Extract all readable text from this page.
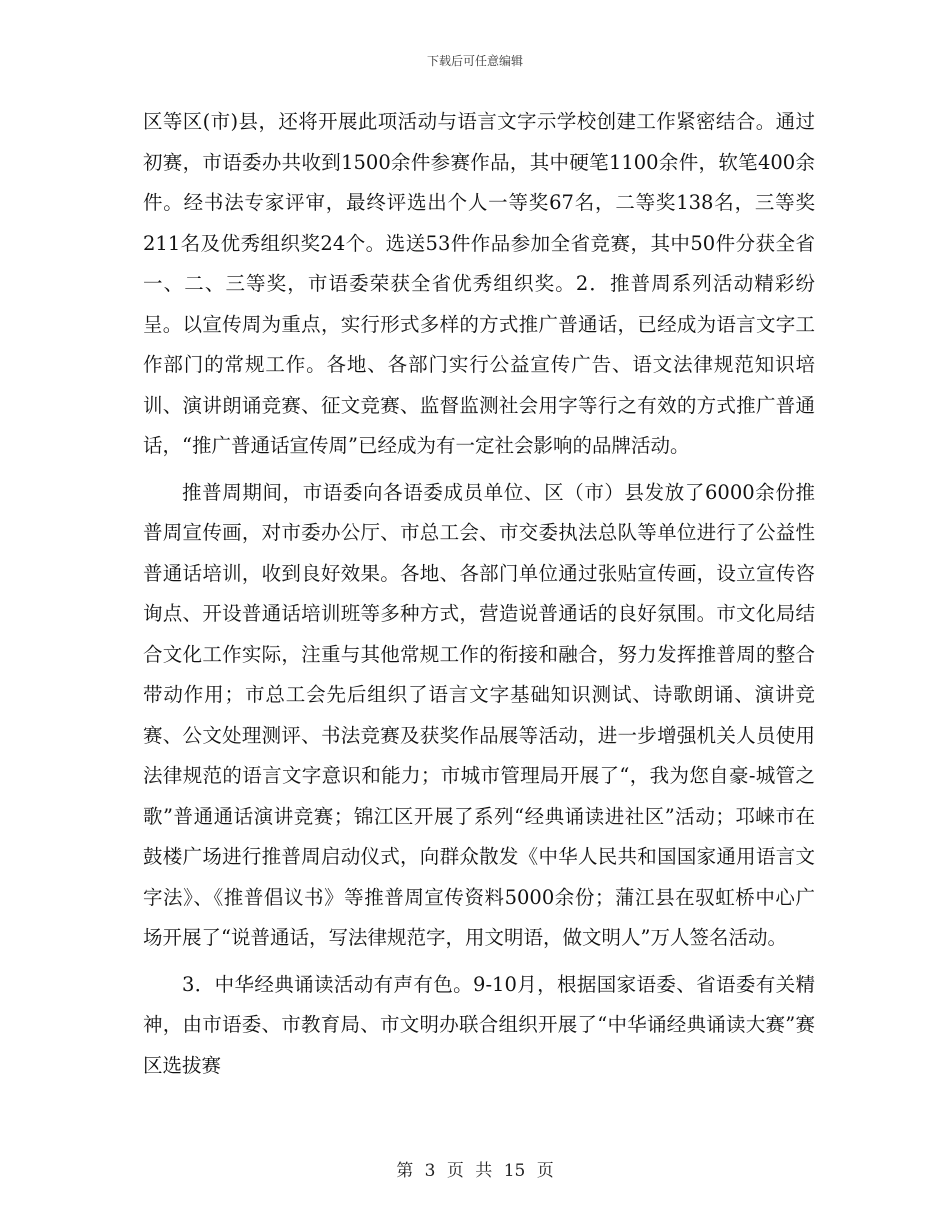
下载后可任意编辑

区等区(市)县，还将开展此项活动与语言文字示学校创建工作紧密结合。通过初赛，市语委办共收到1500余件参赛作品，其中硬笔1100余件，软笔400余件。经书法专家评审，最终评选出个人一等奖67名，二等奖138名，三等奖211名及优秀组织奖24个。选送53件作品参加全省竞赛，其中50件分获全省一、二、三等奖，市语委荣获全省优秀组织奖。2．推普周系列活动精彩纷呈。以宣传周为重点，实行形式多样的方式推广普通话，已经成为语言文字工作部门的常规工作。各地、各部门实行公益宣传广告、语文法律规范知识培训、演讲朗诵竞赛、征文竞赛、监督监测社会用字等行之有效的方式推广普通话，“推广普通话宣传周”已经成为有一定社会影响的品牌活动。

推普周期间，市语委向各语委成员单位、区（市）县发放了6000余份推普周宣传画，对市委办公厅、市总工会、市交委执法总队等单位进行了公益性普通话培训，收到良好效果。各地、各部门单位通过张贴宣传画，设立宣传咨询点、开设普通话培训班等多种方式，营造说普通话的良好氛围。市文化局结合文化工作实际，注重与其他常规工作的衔接和融合，努力发挥推普周的整合带动作用；市总工会先后组织了语言文字基础知识测试、诗歌朗诵、演讲竞赛、公文处理测评、书法竞赛及获奖作品展等活动，进一步增强机关人员使用法律规范的语言文字意识和能力；市城市管理局开展了“，我为您自豪-城管之歌”普通通话演讲竞赛；锦江区开展了系列“经典诵读进社区”活动；邛崃市在鼓楼广场进行推普周启动仪式，向群众散发《中华人民共和国国家通用语言文字法》、《推普倡议书》等推普周宣传资料5000余份；蒲江县在驭虹桥中心广场开展了“说普通话，写法律规范字，用文明语，做文明人”万人签名活动。

3．中华经典诵读活动有声有色。9-10月，根据国家语委、省语委有关精神，由市语委、市教育局、市文明办联合组织开展了“中华诵经典诵读大赛”赛区选拔赛

第 3 页 共 15 页
